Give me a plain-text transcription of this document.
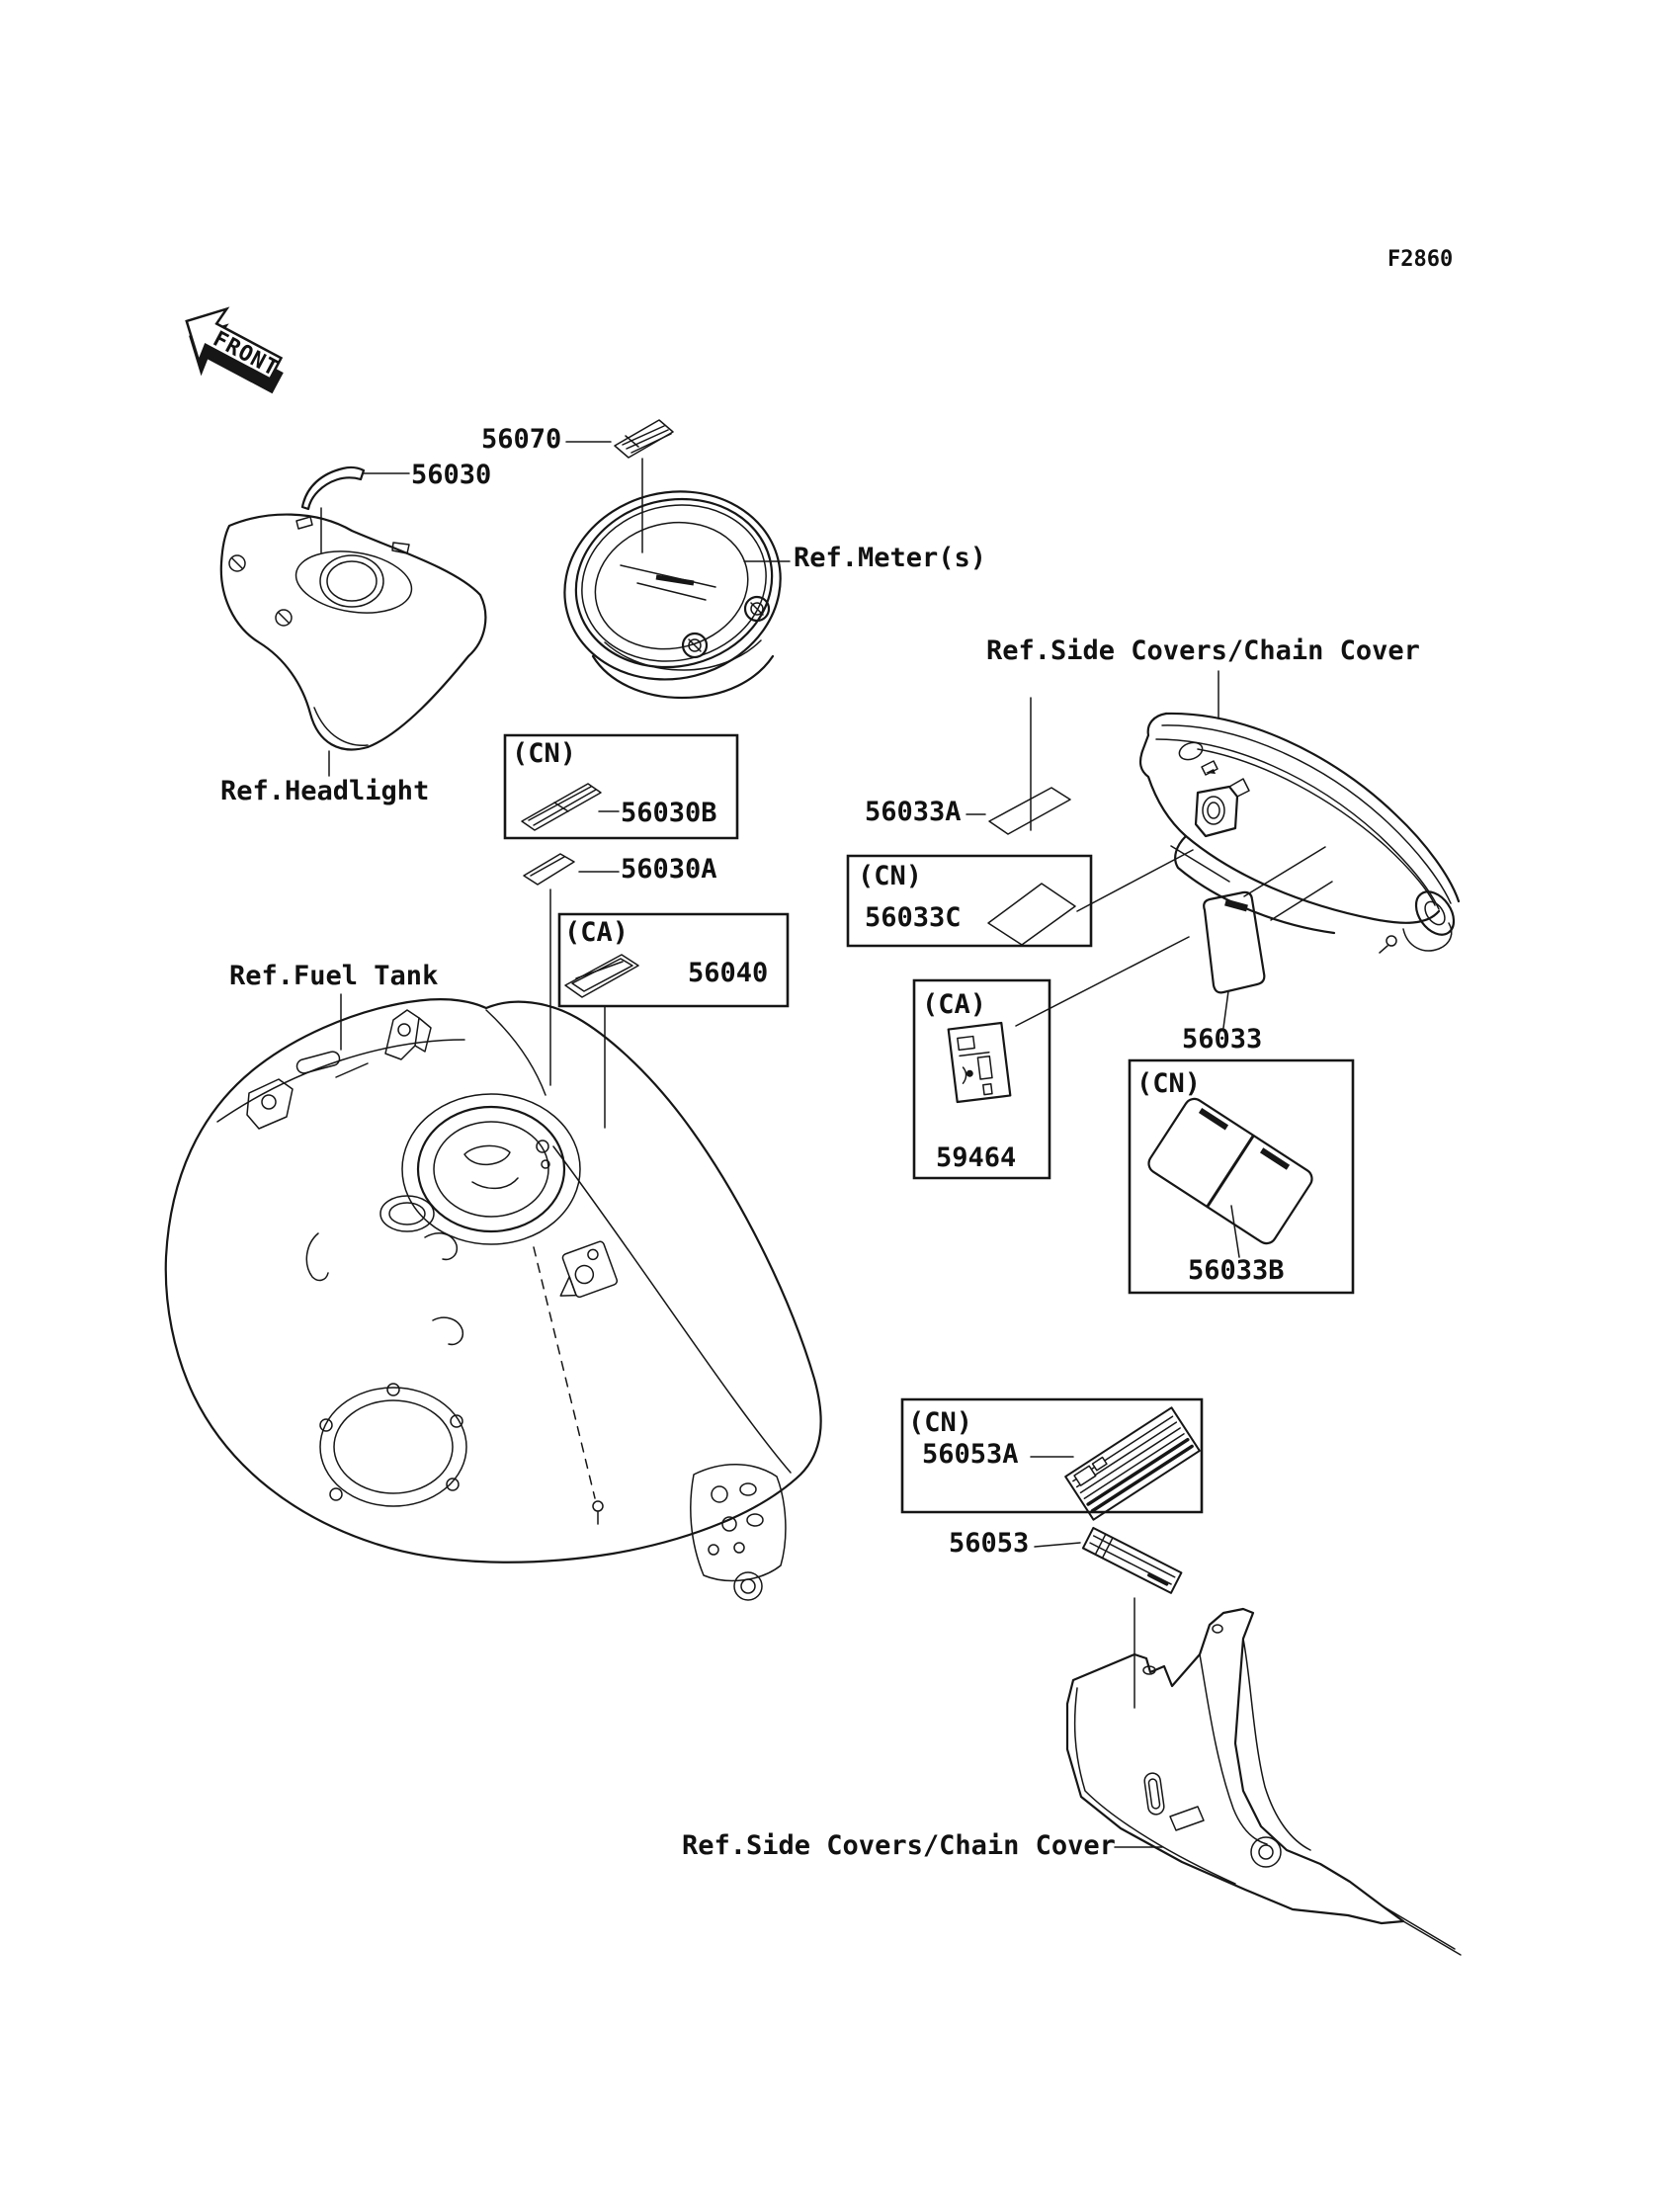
FRONT
F2860
56070
56030
(CN)
56030B
56030A
(CA)
56040
56033A
(CN)
56033C
(CA)
59464
56033
(CN)
56033B
(CN)
56053A
56053
Ref.Meter(s)
Ref.Headlight
Ref.Fuel Tank
Ref.Side Covers/Chain Cover
Ref.Side Covers/Chain Cover
